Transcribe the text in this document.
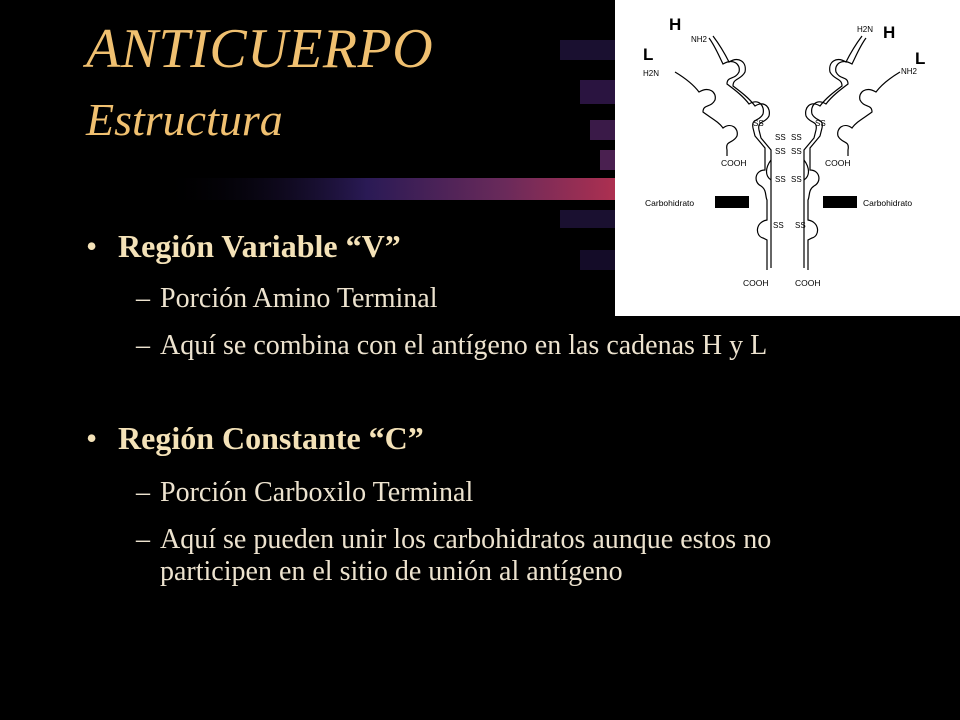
ANTICUERPO
Estructura
• Región Variable “V”
– Porción Amino Terminal
– Aquí se combina con el antígeno en las cadenas H y L
• Región Constante “C”
– Porción Carboxilo Terminal
– Aquí se pueden unir los carbohidratos aunque estos no participen en el sitio de unión al antígeno
H	H
L	L
NH2
H2N
H2N
NH2
SS	SS
SS SS
SS SS
SS SS
SS SS
COOH	COOH
COOH	COOH
Carbohidrato	Carbohidrato
